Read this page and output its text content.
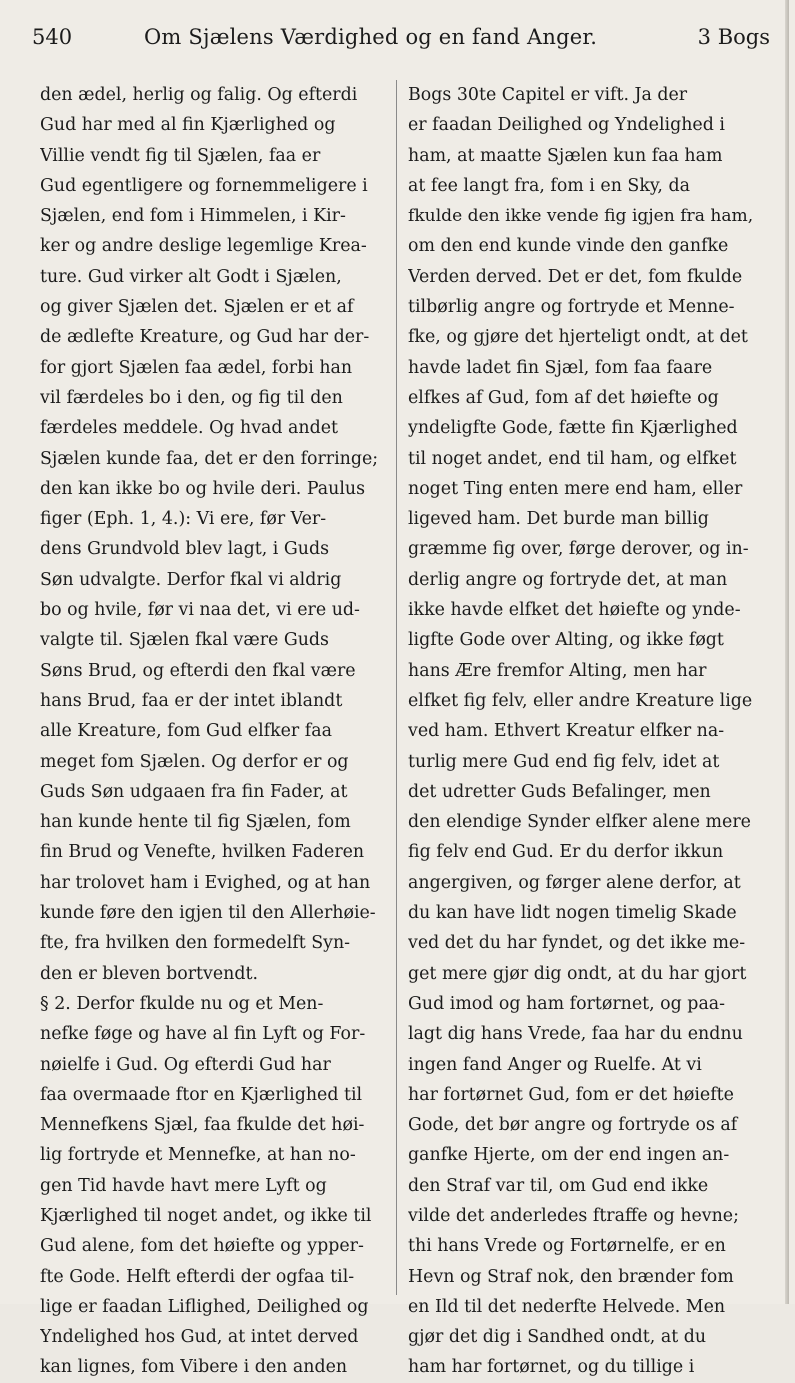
540	Om Sjælens Værdighed og en fand Anger.	3 Bogs
den ædel, herlig og falig. Og efterdi
Gud har med al fin Kjærlighed og
Villie vendt fig til Sjælen, faa er
Gud egentligere og fornemmeligere i
Sjælen, end fom i Himmelen, i Kir-
ker og andre deslige legemlige Krea-
ture. Gud virker alt Godt i Sjælen,
og giver Sjælen det. Sjælen er et af
de ædlefte Kreature, og Gud har der-
for gjort Sjælen faa ædel, forbi han
vil færdeles bo i den, og fig til den
færdeles meddele. Og hvad andet
Sjælen kunde faa, det er den forringe;
den kan ikke bo og hvile deri. Paulus
figer (Eph. 1, 4.): Vi ere, før Ver-
dens Grundvold blev lagt, i Guds
Søn udvalgte. Derfor fkal vi aldrig
bo og hvile, før vi naa det, vi ere ud-
valgte til. Sjælen fkal være Guds
Søns Brud, og efterdi den fkal være
hans Brud, faa er der intet iblandt
alle Kreature, fom Gud elfker faa
meget fom Sjælen. Og derfor er og
Guds Søn udgaaen fra fin Fader, at
han kunde hente til fig Sjælen, fom
fin Brud og Venefte, hvilken Faderen
har trolovet ham i Evighed, og at han
kunde føre den igjen til den Allerhøie-
fte, fra hvilken den formedelft Syn-
den er bleven bortvendt.
§ 2. Derfor fkulde nu og et Men-
nefke føge og have al fin Lyft og For-
nøielfe i Gud. Og efterdi Gud har
faa overmaade ftor en Kjærlighed til
Mennefkens Sjæl, faa fkulde det høi-
lig fortryde et Mennefke, at han no-
gen Tid havde havt mere Lyft og
Kjærlighed til noget andet, og ikke til
Gud alene, fom det høiefte og ypper-
fte Gode. Helft efterdi der ogfaa til-
lige er faadan Liflighed, Deilighed og
Yndelighed hos Gud, at intet derved
kan lignes, fom Vibere i den anden
Bogs 30te Capitel er vift. Ja der
er faadan Deilighed og Yndelighed i
ham, at maatte Sjælen kun faa ham
at fee langt fra, fom i en Sky, da
fkulde den ikke vende fig igjen fra ham,
om den end kunde vinde den ganfke
Verden derved. Det er det, fom fkulde
tilbørlig angre og fortryde et Menne-
fke, og gjøre det hjerteligt ondt, at det
havde ladet fin Sjæl, fom faa faare
elfkes af Gud, fom af det høiefte og
yndeligfte Gode, fætte fin Kjærlighed
til noget andet, end til ham, og elfket
noget Ting enten mere end ham, eller
ligeved ham. Det burde man billig
græmme fig over, førge derover, og in-
derlig angre og fortryde det, at man
ikke havde elfket det høiefte og ynde-
ligfte Gode over Alting, og ikke føgt
hans Ære fremfor Alting, men har
elfket fig felv, eller andre Kreature lige
ved ham. Ethvert Kreatur elfker na-
turlig mere Gud end fig felv, idet at
det udretter Guds Befalinger, men
den elendige Synder elfker alene mere
fig felv end Gud. Er du derfor ikkun
angergiven, og førger alene derfor, at
du kan have lidt nogen timelig Skade
ved det du har fyndet, og det ikke me-
get mere gjør dig ondt, at du har gjort
Gud imod og ham fortørnet, og paa-
lagt dig hans Vrede, faa har du endnu
ingen fand Anger og Ruelfe. At vi
har fortørnet Gud, fom er det høiefte
Gode, det bør angre og fortryde os af
ganfke Hjerte, om der end ingen an-
den Straf var til, om Gud end ikke
vilde det anderledes ftraffe og hevne;
thi hans Vrede og Fortørnelfe, er en
Hevn og Straf nok, den brænder fom
en Ild til det nederfte Helvede. Men
gjør det dig i Sandhed ondt, at du
ham har fortørnet, og du tillige i
